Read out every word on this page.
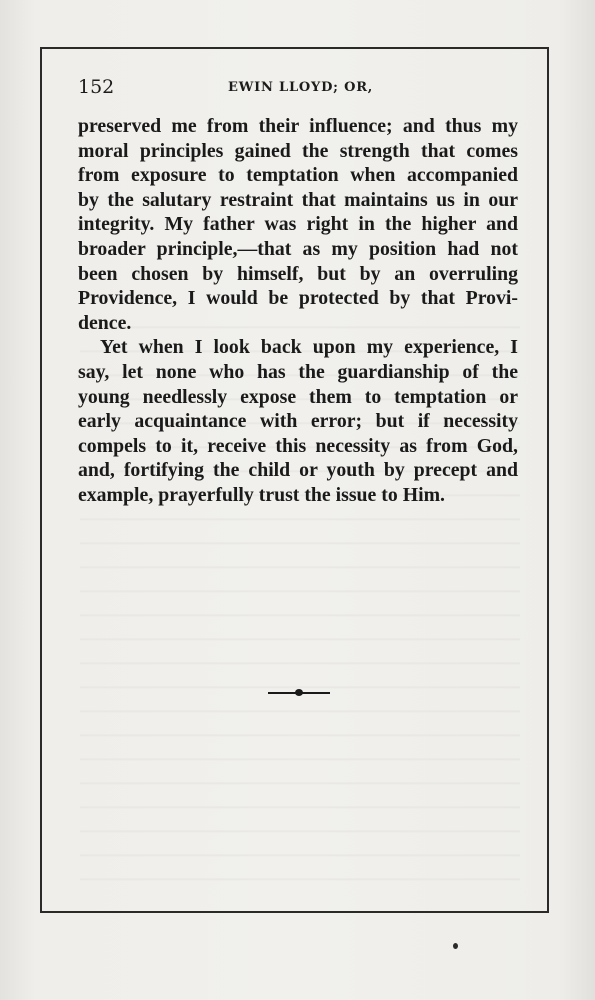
152	EWIN LLOYD; OR,
preserved me from their influence; and thus my
moral principles gained the strength that comes
from exposure to temptation when accompanied
by the salutary restraint that maintains us in our
integrity. My father was right in the higher and
broader principle,—that as my position had not
been chosen by himself, but by an overruling
Providence, I would be protected by that Provi-
dence.
Yet when I look back upon my experience, I
say, let none who has the guardianship of the
young needlessly expose them to temptation or
early acquaintance with error; but if necessity
compels to it, receive this necessity as from God,
and, fortifying the child or youth by precept and
example, prayerfully trust the issue to Him.
